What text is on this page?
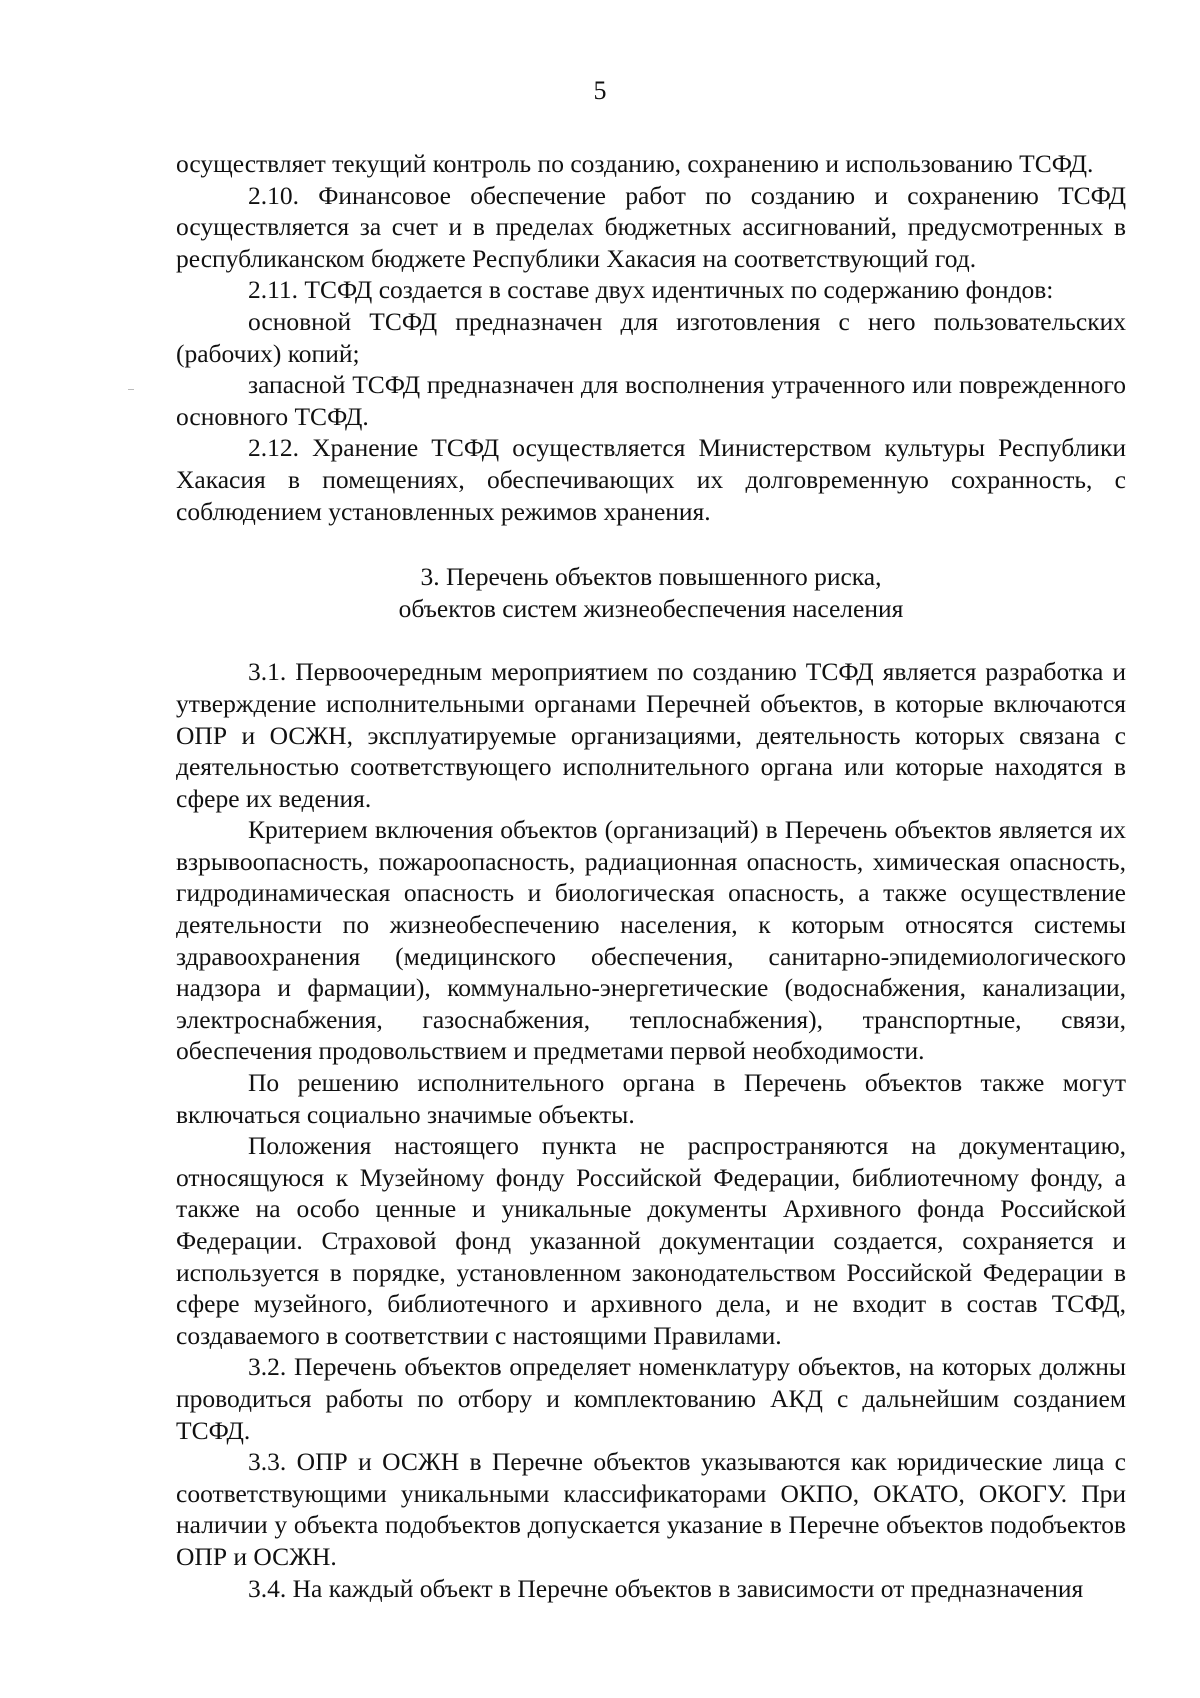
5

осуществляет текущий контроль по созданию, сохранению и использованию ТСФД.

2.10. Финансовое обеспечение работ по созданию и сохранению ТСФД осуществляется за счет и в пределах бюджетных ассигнований, предусмотренных в республиканском бюджете Республики Хакасия на соответствующий год.

2.11. ТСФД создается в составе двух идентичных по содержанию фондов:

основной ТСФД предназначен для изготовления с него пользовательских (рабочих) копий;

запасной ТСФД предназначен для восполнения утраченного или поврежденного основного ТСФД.

2.12. Хранение ТСФД осуществляется Министерством культуры Республики Хакасия в помещениях, обеспечивающих их долговременную сохранность, с соблюдением установленных режимов хранения.

3. Перечень объектов повышенного риска,
объектов систем жизнеобеспечения населения

3.1. Первоочередным мероприятием по созданию ТСФД является разработка и утверждение исполнительными органами Перечней объектов, в которые включаются ОПР и ОСЖН, эксплуатируемые организациями, деятельность которых связана с деятельностью соответствующего исполнительного органа или которые находятся в сфере их ведения.

Критерием включения объектов (организаций) в Перечень объектов является их взрывоопасность, пожароопасность, радиационная опасность, химическая опасность, гидродинамическая опасность и биологическая опасность, а также осуществление деятельности по жизнеобеспечению населения, к которым относятся системы здравоохранения (медицинского обеспечения, санитарно-эпидемиологического надзора и фармации), коммунально-энергетические (водоснабжения, канализации, электроснабжения, газоснабжения, теплоснабжения), транспортные, связи, обеспечения продовольствием и предметами первой необходимости.

По решению исполнительного органа в Перечень объектов также могут включаться социально значимые объекты.

Положения настоящего пункта не распространяются на документацию, относящуюся к Музейному фонду Российской Федерации, библиотечному фонду, а также на особо ценные и уникальные документы Архивного фонда Российской Федерации. Страховой фонд указанной документации создается, сохраняется и используется в порядке, установленном законодательством Российской Федерации в сфере музейного, библиотечного и архивного дела, и не входит в состав ТСФД, создаваемого в соответствии с настоящими Правилами.

3.2. Перечень объектов определяет номенклатуру объектов, на которых должны проводиться работы по отбору и комплектованию АКД с дальнейшим созданием ТСФД.

3.3. ОПР и ОСЖН в Перечне объектов указываются как юридические лица с соответствующими уникальными классификаторами ОКПО, ОКАТО, ОКОГУ. При наличии у объекта подобъектов допускается указание в Перечне объектов подобъектов ОПР и ОСЖН.

3.4. На каждый объект в Перечне объектов в зависимости от предназначения
